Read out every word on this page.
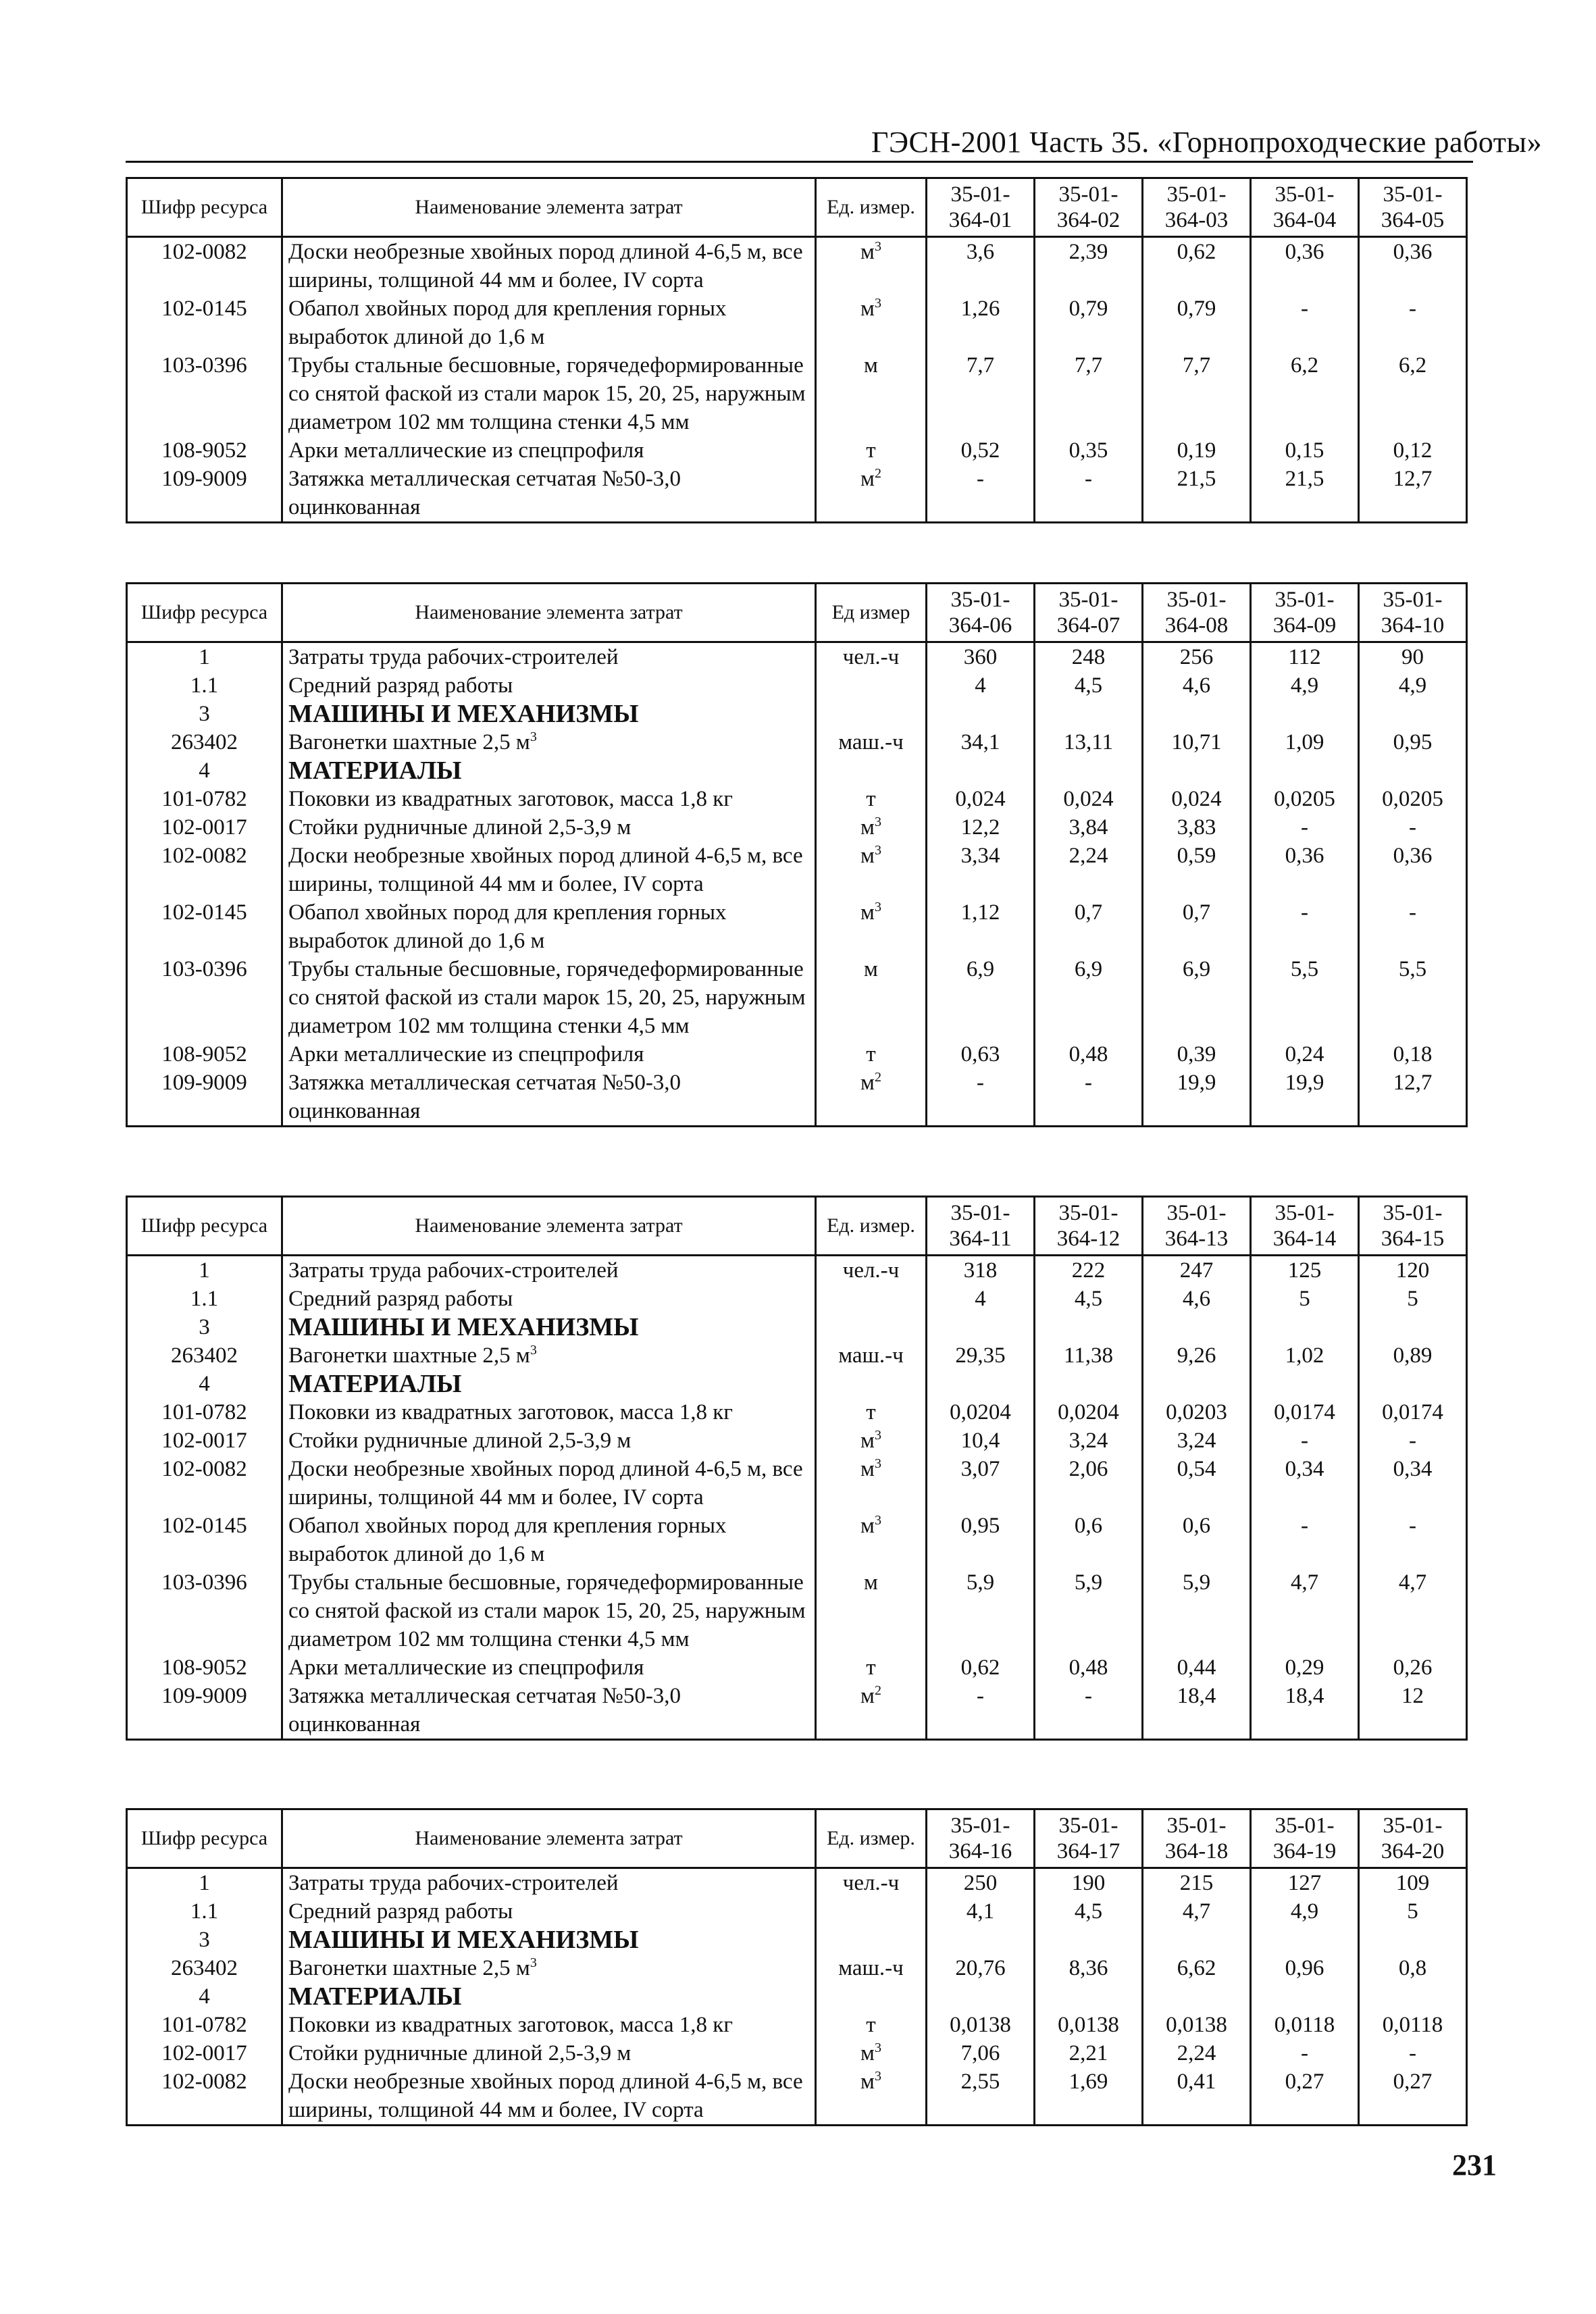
ГЭСН-2001 Часть 35. «Горнопроходческие работы»
Шифр ресурса	Наименование элемента затрат	Ед. измер.	35-01-364-01	35-01-364-02	35-01-364-03	35-01-364-04	35-01-364-05
102-0082	Доски необрезные хвойных пород длиной 4-6,5 м, все ширины, толщиной 44 мм и более, IV сорта	$м^3$	3,6	2,39	0,62	0,36	0,36
102-0145	Обапол хвойных пород для крепления горных выработок длиной до 1,6 м	$м^3$	1,26	0,79	0,79	-	-
103-0396	Трубы стальные бесшовные, горячедеформированные со снятой фаской из стали марок 15, 20, 25, наружным диаметром 102 мм толщина стенки 4,5 мм	м	7,7	7,7	7,7	6,2	6,2
108-9052	Арки металлические из спецпрофиля	т	0,52	0,35	0,19	0,15	0,12
109-9009	Затяжка металлическая сетчатая №50-3,0 оцинкованная	$м^2$	-	-	21,5	21,5	12,7
Шифр ресурса	Наименование элемента затрат	Ед измер	35-01-364-06	35-01-364-07	35-01-364-08	35-01-364-09	35-01-364-10
1	Затраты труда рабочих-строителей	чел.-ч	360	248	256	112	90
1.1	Средний разряд работы		4	4,5	4,6	4,9	4,9
3	МАШИНЫ И МЕХАНИЗМЫ						
263402	Вагонетки шахтные 2,5 $м^3$	маш.-ч	34,1	13,11	10,71	1,09	0,95
4	МАТЕРИАЛЫ						
101-0782	Поковки из квадратных заготовок, масса 1,8 кг	т	0,024	0,024	0,024	0,0205	0,0205
102-0017	Стойки рудничные длиной 2,5-3,9 м	$м^3$	12,2	3,84	3,83	-	-
102-0082	Доски необрезные хвойных пород длиной 4-6,5 м, все ширины, толщиной 44 мм и более, IV сорта	$м^3$	3,34	2,24	0,59	0,36	0,36
102-0145	Обапол хвойных пород для крепления горных выработок длиной до 1,6 м	$м^3$	1,12	0,7	0,7	-	-
103-0396	Трубы стальные бесшовные, горячедеформированные со снятой фаской из стали марок 15, 20, 25, наружным диаметром 102 мм толщина стенки 4,5 мм	м	6,9	6,9	6,9	5,5	5,5
108-9052	Арки металлические из спецпрофиля	т	0,63	0,48	0,39	0,24	0,18
109-9009	Затяжка металлическая сетчатая №50-3,0 оцинкованная	$м^2$	-	-	19,9	19,9	12,7
Шифр ресурса	Наименование элемента затрат	Ед. измер.	35-01-364-11	35-01-364-12	35-01-364-13	35-01-364-14	35-01-364-15
1	Затраты труда рабочих-строителей	чел.-ч	318	222	247	125	120
1.1	Средний разряд работы		4	4,5	4,6	5	5
3	МАШИНЫ И МЕХАНИЗМЫ						
263402	Вагонетки шахтные 2,5 $м^3$	маш.-ч	29,35	11,38	9,26	1,02	0,89
4	МАТЕРИАЛЫ						
101-0782	Поковки из квадратных заготовок, масса 1,8 кг	т	0,0204	0,0204	0,0203	0,0174	0,0174
102-0017	Стойки рудничные длиной 2,5-3,9 м	$м^3$	10,4	3,24	3,24	-	-
102-0082	Доски необрезные хвойных пород длиной 4-6,5 м, все ширины, толщиной 44 мм и более, IV сорта	$м^3$	3,07	2,06	0,54	0,34	0,34
102-0145	Обапол хвойных пород для крепления горных выработок длиной до 1,6 м	$м^3$	0,95	0,6	0,6	-	-
103-0396	Трубы стальные бесшовные, горячедеформированные со снятой фаской из стали марок 15, 20, 25, наружным диаметром 102 мм толщина стенки 4,5 мм	м	5,9	5,9	5,9	4,7	4,7
108-9052	Арки металлические из спецпрофиля	т	0,62	0,48	0,44	0,29	0,26
109-9009	Затяжка металлическая сетчатая №50-3,0 оцинкованная	$м^2$	-	-	18,4	18,4	12
Шифр ресурса	Наименование элемента затрат	Ед. измер.	35-01-364-16	35-01-364-17	35-01-364-18	35-01-364-19	35-01-364-20
1	Затраты труда рабочих-строителей	чел.-ч	250	190	215	127	109
1.1	Средний разряд работы		4,1	4,5	4,7	4,9	5
3	МАШИНЫ И МЕХАНИЗМЫ						
263402	Вагонетки шахтные 2,5 $м^3$	маш.-ч	20,76	8,36	6,62	0,96	0,8
4	МАТЕРИАЛЫ						
101-0782	Поковки из квадратных заготовок, масса 1,8 кг	т	0,0138	0,0138	0,0138	0,0118	0,0118
102-0017	Стойки рудничные длиной 2,5-3,9 м	$м^3$	7,06	2,21	2,24	-	-
102-0082	Доски необрезные хвойных пород длиной 4-6,5 м, все ширины, толщиной 44 мм и более, IV сорта	$м^3$	2,55	1,69	0,41	0,27	0,27
231
